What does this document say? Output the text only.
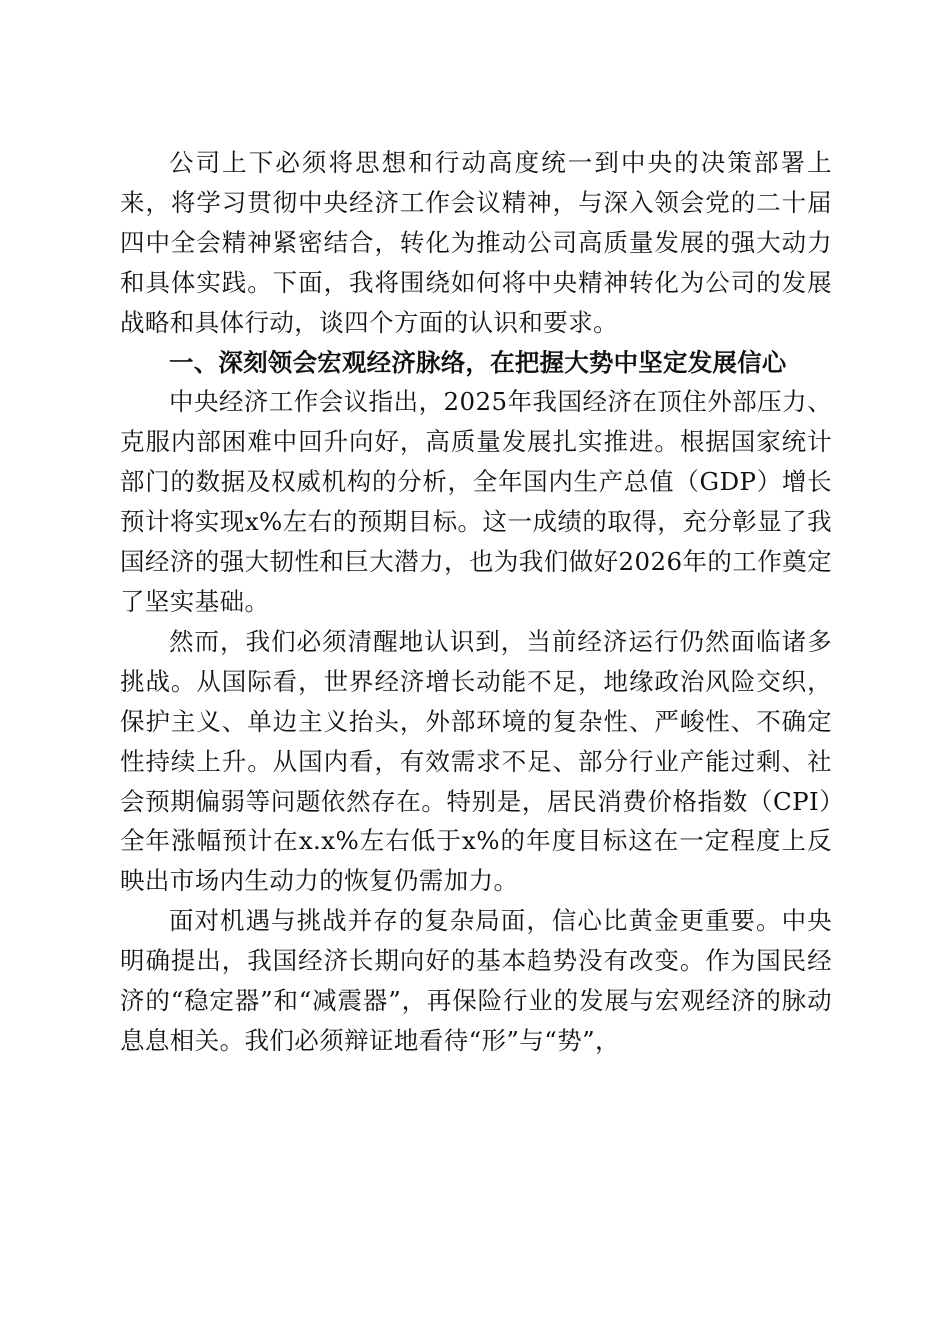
公司上下必须将思想和行动高度统一到中央的决策部署上来，将学习贯彻中央经济工作会议精神，与深入领会党的二十届四中全会精神紧密结合，转化为推动公司高质量发展的强大动力和具体实践。下面，我将围绕如何将中央精神转化为公司的发展战略和具体行动，谈四个方面的认识和要求。

一、深刻领会宏观经济脉络，在把握大势中坚定发展信心

中央经济工作会议指出，2025年我国经济在顶住外部压力、克服内部困难中回升向好，高质量发展扎实推进。根据国家统计部门的数据及权威机构的分析，全年国内生产总值（GDP）增长预计将实现x%左右的预期目标。这一成绩的取得，充分彰显了我国经济的强大韧性和巨大潜力，也为我们做好2026年的工作奠定了坚实基础。

然而，我们必须清醒地认识到，当前经济运行仍然面临诸多挑战。从国际看，世界经济增长动能不足，地缘政治风险交织，保护主义、单边主义抬头，外部环境的复杂性、严峻性、不确定性持续上升。从国内看，有效需求不足、部分行业产能过剩、社会预期偏弱等问题依然存在。特别是，居民消费价格指数（CPI）全年涨幅预计在x.x%左右低于x%的年度目标这在一定程度上反映出市场内生动力的恢复仍需加力。

面对机遇与挑战并存的复杂局面，信心比黄金更重要。中央明确提出，我国经济长期向好的基本趋势没有改变。作为国民经济的“稳定器”和“减震器”，再保险行业的发展与宏观经济的脉动息息相关。我们必须辩证地看待“形”与“势”，
